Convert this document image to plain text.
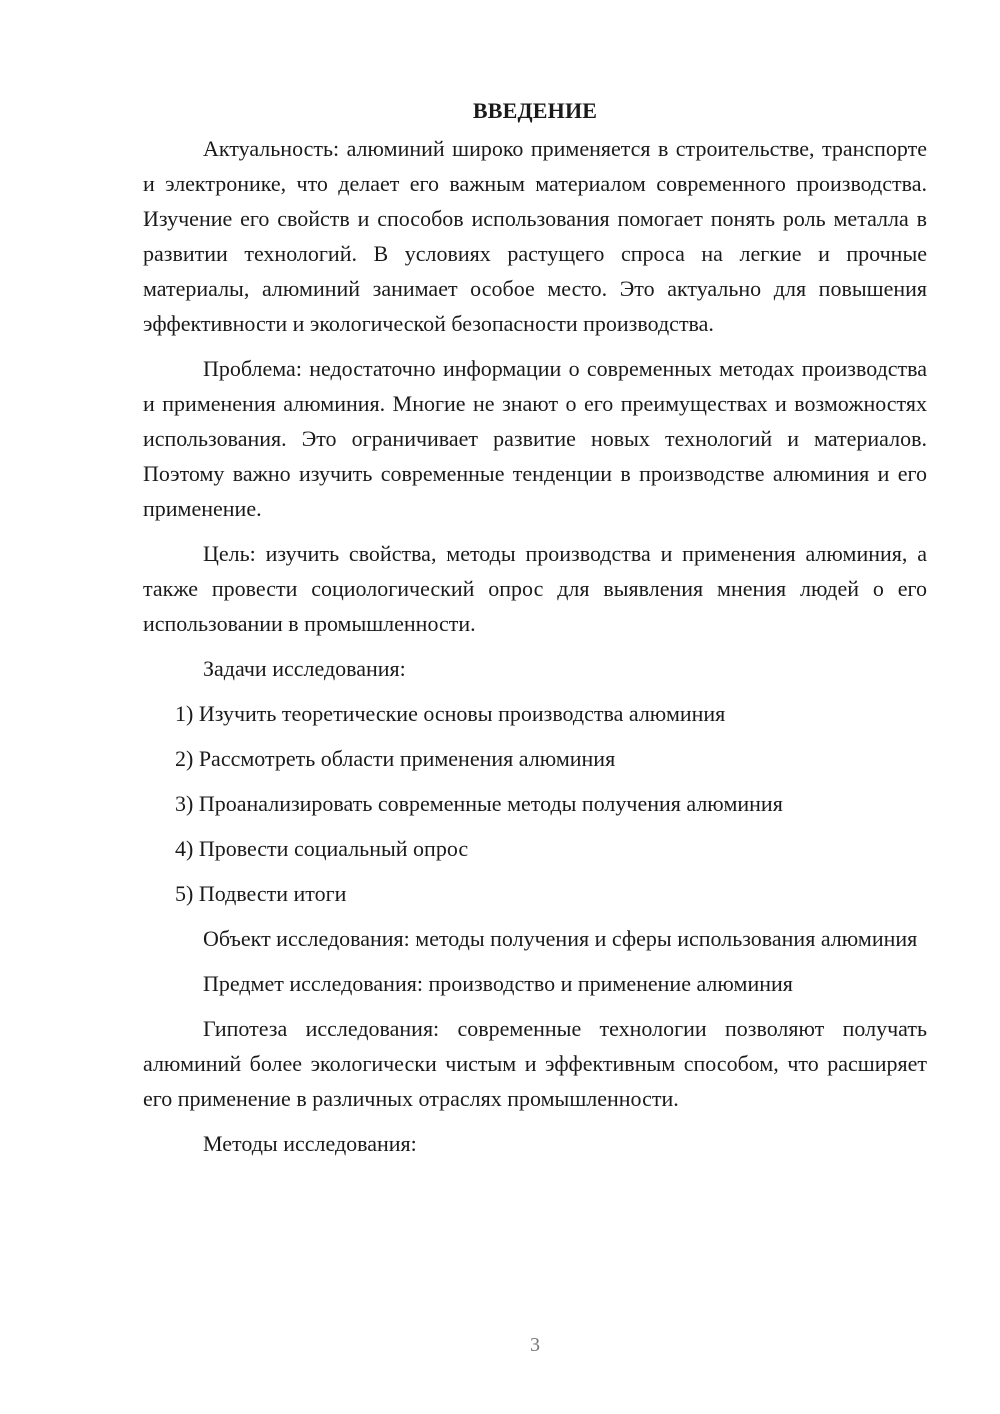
ВВЕДЕНИЕ

Актуальность: алюминий широко применяется в строительстве, транспорте и электронике, что делает его важным материалом современного производства. Изучение его свойств и способов использования помогает понять роль металла в развитии технологий. В условиях растущего спроса на легкие и прочные материалы, алюминий занимает особое место. Это актуально для повышения эффективности и экологической безопасности производства.

Проблема: недостаточно информации о современных методах производства и применения алюминия. Многие не знают о его преимуществах и возможностях использования. Это ограничивает развитие новых технологий и материалов. Поэтому важно изучить современные тенденции в производстве алюминия и его применение.

Цель: изучить свойства, методы производства и применения алюминия, а также провести социологический опрос для выявления мнения людей о его использовании в промышленности.

Задачи исследования:

1) Изучить теоретические основы производства алюминия
2) Рассмотреть области применения алюминия
3) Проанализировать современные методы получения алюминия
4) Провести социальный опрос
5) Подвести итоги

Объект исследования: методы получения и сферы использования алюминия

Предмет исследования: производство и применение алюминия

Гипотеза исследования: современные технологии позволяют получать алюминий более экологически чистым и эффективным способом, что расширяет его применение в различных отраслях промышленности.

Методы исследования:

3
